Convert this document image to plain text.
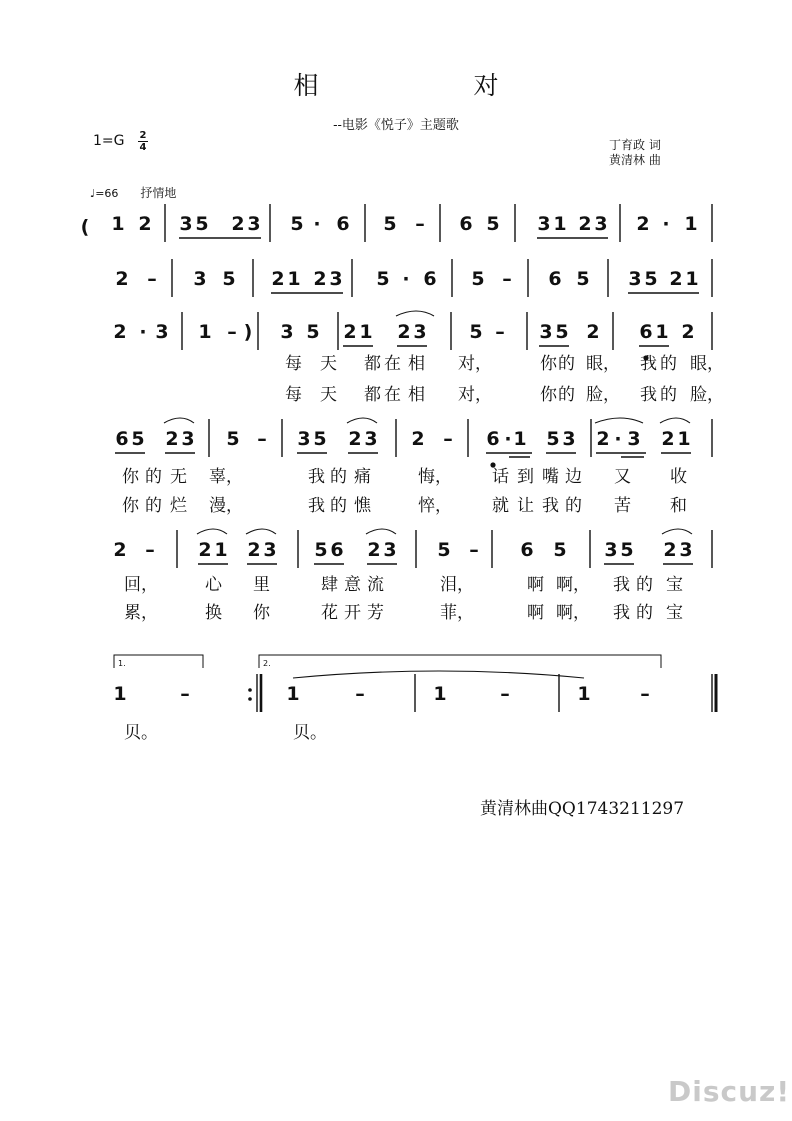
相	对
--电影《悦子》主题歌
1=G 2
4	丁育政 词
黄清林 曲
♩=66 抒情地
1 2 3 5 2 3 5 · 6 5 – 6 5 3 1 2 3 2 · 1
(
2 – 3 5 2 1 2 3 5 · 6 5 – 6 5 3 5 2 1
2 · 3 1 – ) 3 5 2 1 2 3 5 – 3 5 2 6 1 2
每 天 都 在 相 对，	你 的 眼， 我 的 眼，
每 天 都 在 相 对，	你 的 脸， 我 的 脸，
6 5 2 3 5 – 3 5 2 3 2 – 6 · 1 5 3 2 · 3 2 1
你 的 无 辜，	我 的 痛	悔， 话 到 嘴 边 又 收
你 的 烂 漫，	我 的 憔	悴， 就 让 我 的 苦 和
2 – 2 1 2 3 5 6 2 3 5 – 6 5 3 5 2 3
回，	心 里	肆 意 流	泪，	啊 啊， 我 的 宝
累，	换 你	花 开 芳	菲，	啊 啊， 我 的 宝
1	–	1	–	1	–	1	–
贝。	贝。
1.	2.
黄清林曲QQ1743211297
Discuz!
